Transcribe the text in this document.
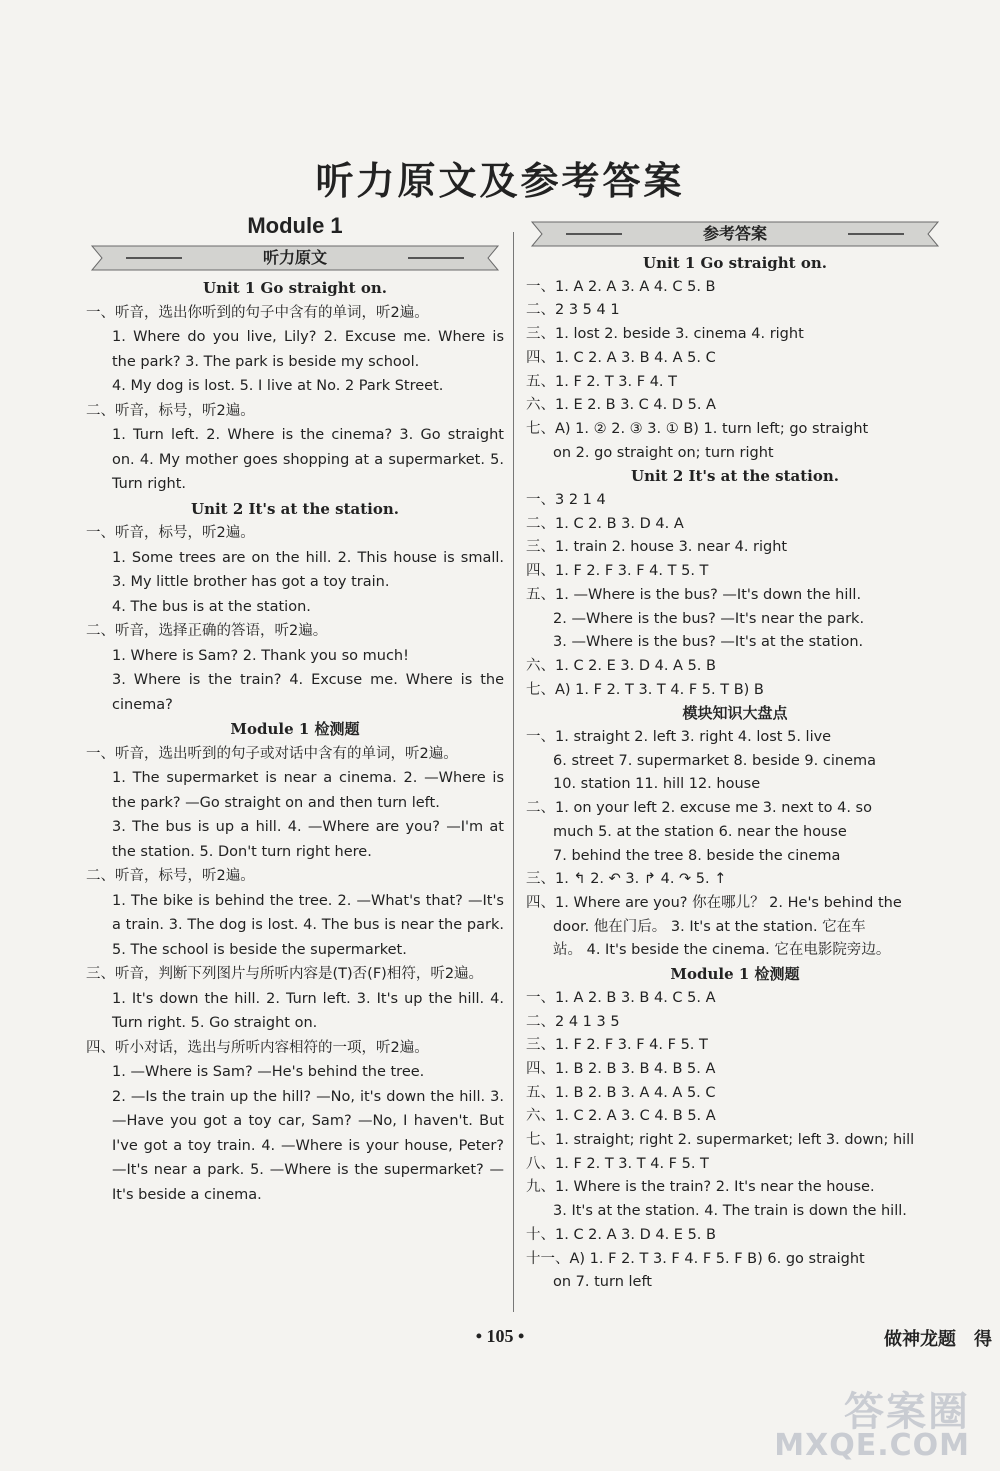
听力原文及参考答案
Module 1
听力原文
Unit 1 Go straight on.
一、听音，选出你听到的句子中含有的单词，听2遍。
1. Where do you live, Lily? 2. Excuse me. Where is the park? 3. The park is beside my school.
4. My dog is lost. 5. I live at No. 2 Park Street.
二、听音，标号，听2遍。
1. Turn left. 2. Where is the cinema? 3. Go straight on. 4. My mother goes shopping at a supermarket. 5. Turn right.
Unit 2 It's at the station.
一、听音，标号，听2遍。
1. Some trees are on the hill. 2. This house is small. 3. My little brother has got a toy train.
4. The bus is at the station.
二、听音，选择正确的答语，听2遍。
1. Where is Sam? 2. Thank you so much!
3. Where is the train? 4. Excuse me. Where is the cinema?
Module 1 检测题
一、听音，选出听到的句子或对话中含有的单词，听2遍。
1. The supermarket is near a cinema. 2. —Where is the park? —Go straight on and then turn left.
3. The bus is up a hill. 4. —Where are you? —I'm at the station. 5. Don't turn right here.
二、听音，标号，听2遍。
1. The bike is behind the tree. 2. —What's that? —It's a train. 3. The dog is lost. 4. The bus is near the park. 5. The school is beside the supermarket.
三、听音，判断下列图片与所听内容是(T)否(F)相符，听2遍。
1. It's down the hill. 2. Turn left. 3. It's up the hill. 4. Turn right. 5. Go straight on.
四、听小对话，选出与所听内容相符的一项，听2遍。
1. —Where is Sam? —He's behind the tree.
2. —Is the train up the hill? —No, it's down the hill. 3. —Have you got a toy car, Sam? —No, I haven't. But I've got a toy train. 4. —Where is your house, Peter? —It's near a park. 5. —Where is the supermarket? —It's beside a cinema.
参考答案
Unit 1 Go straight on.
一、1. A 2. A 3. A 4. C 5. B
二、2 3 5 4 1
三、1. lost 2. beside 3. cinema 4. right
四、1. C 2. A 3. B 4. A 5. C
五、1. F 2. T 3. F 4. T
六、1. E 2. B 3. C 4. D 5. A
七、A) 1. ② 2. ③ 3. ① B) 1. turn left; go straight
on 2. go straight on; turn right
Unit 2 It's at the station.
一、3 2 1 4
二、1. C 2. B 3. D 4. A
三、1. train 2. house 3. near 4. right
四、1. F 2. F 3. F 4. T 5. T
五、1. —Where is the bus? —It's down the hill.
2. —Where is the bus? —It's near the park.
3. —Where is the bus? —It's at the station.
六、1. C 2. E 3. D 4. A 5. B
七、A) 1. F 2. T 3. T 4. F 5. T B) B
模块知识大盘点
一、1. straight 2. left 3. right 4. lost 5. live
6. street 7. supermarket 8. beside 9. cinema
10. station 11. hill 12. house
二、1. on your left 2. excuse me 3. next to 4. so
much 5. at the station 6. near the house
7. behind the tree 8. beside the cinema
三、1. ↰ 2. ↶ 3. ↱ 4. ↷ 5. ↑
四、1. Where are you? 你在哪儿？ 2. He's behind the
door. 他在门后。 3. It's at the station. 它在车
站。 4. It's beside the cinema. 它在电影院旁边。
Module 1 检测题
一、1. A 2. B 3. B 4. C 5. A
二、2 4 1 3 5
三、1. F 2. F 3. F 4. F 5. T
四、1. B 2. B 3. B 4. B 5. A
五、1. B 2. B 3. A 4. A 5. C
六、1. C 2. A 3. C 4. B 5. A
七、1. straight; right 2. supermarket; left 3. down; hill
八、1. F 2. T 3. T 4. F 5. T
九、1. Where is the train? 2. It's near the house.
3. It's at the station. 4. The train is down the hill.
十、1. C 2. A 3. D 4. E 5. B
十一、A) 1. F 2. T 3. F 4. F 5. F B) 6. go straight
on 7. turn left
• 105 •	做神龙题　得
答案圈
MXQE.COM
